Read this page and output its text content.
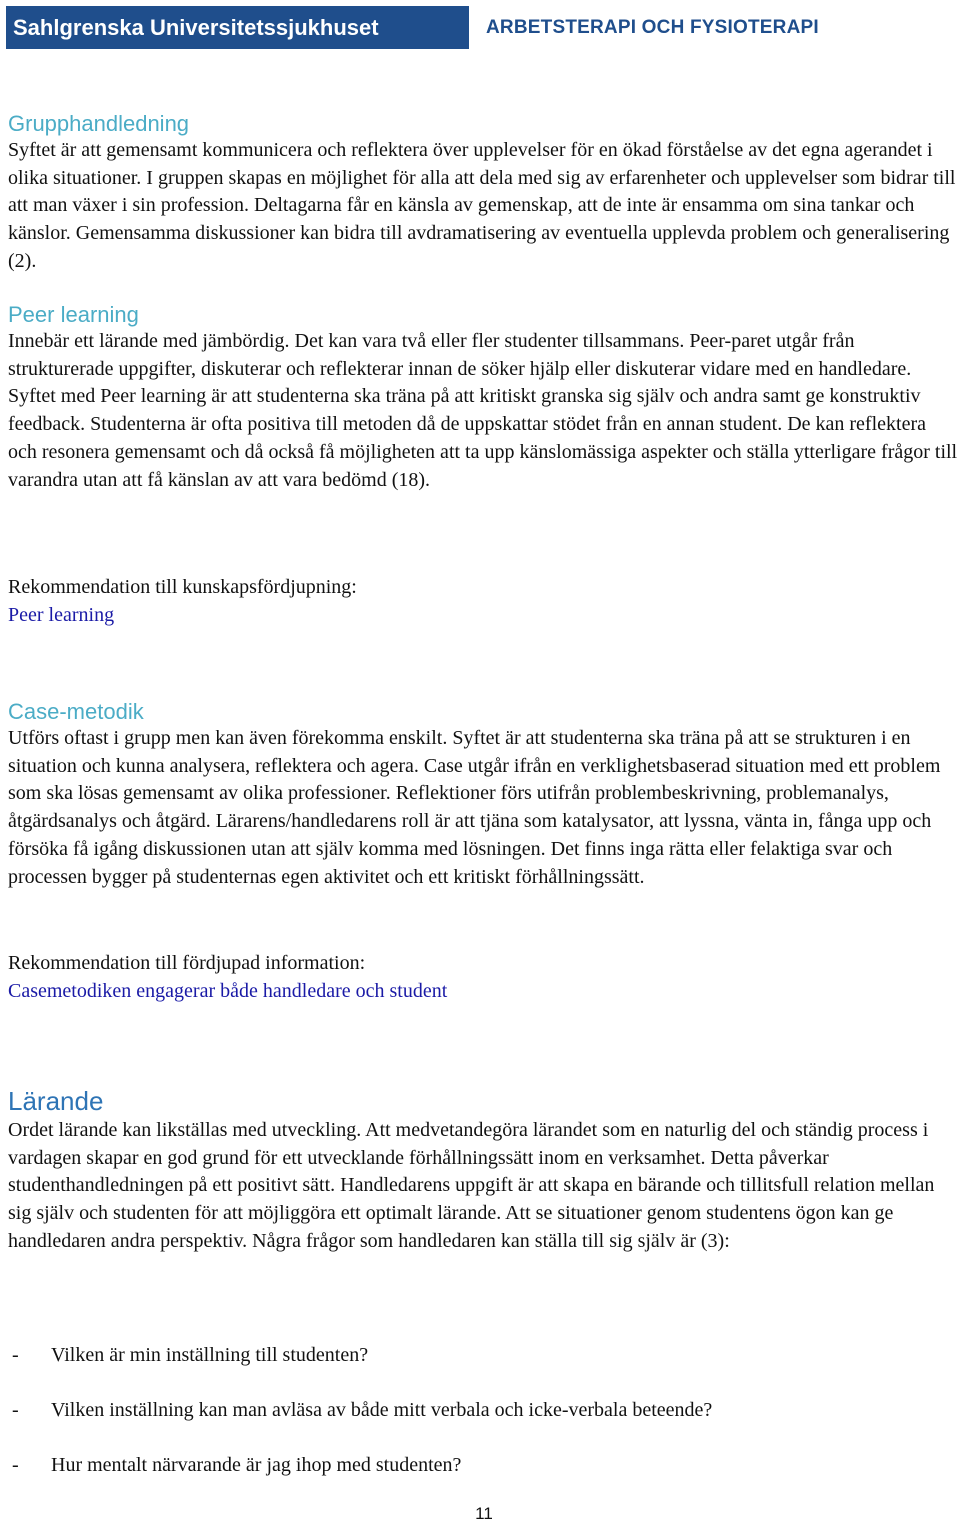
Sahlgrenska Universitetssjukhuset	ARBETSTERAPI OCH FYSIOTERAPI
Grupphandledning

Syftet är att gemensamt kommunicera och reflektera över upplevelser för en ökad förståelse av det egna agerandet i olika situationer. I gruppen skapas en möjlighet för alla att dela med sig av erfarenheter och upplevelser som bidrar till att man växer i sin profession. Deltagarna får en känsla av gemenskap, att de inte är ensamma om sina tankar och känslor. Gemensamma diskussioner kan bidra till avdramatisering av eventuella upplevda problem och generalisering (2).

Peer learning

Innebär ett lärande med jämbördig. Det kan vara två eller fler studenter tillsammans. Peer-paret utgår från strukturerade uppgifter, diskuterar och reflekterar innan de söker hjälp eller diskuterar vidare med en handledare. Syftet med Peer learning är att studenterna ska träna på att kritiskt granska sig själv och andra samt ge konstruktiv feedback. Studenterna är ofta positiva till metoden då de uppskattar stödet från en annan student. De kan reflektera och resonera gemensamt och då också få möjligheten att ta upp känslomässiga aspekter och ställa ytterligare frågor till varandra utan att få känslan av att vara bedömd (18).

Rekommendation till kunskapsfördjupning:

Peer learning

Case-metodik

Utförs oftast i grupp men kan även förekomma enskilt. Syftet är att studenterna ska träna på att se strukturen i en situation och kunna analysera, reflektera och agera. Case utgår ifrån en verklighetsbaserad situation med ett problem som ska lösas gemensamt av olika professioner. Reflektioner förs utifrån problembeskrivning, problemanalys, åtgärdsanalys och åtgärd. Lärarens/handledarens roll är att tjäna som katalysator, att lyssna, vänta in, fånga upp och försöka få igång diskussionen utan att själv komma med lösningen. Det finns inga rätta eller felaktiga svar och processen bygger på studenternas egen aktivitet och ett kritiskt förhållningssätt.

Rekommendation till fördjupad information:

Casemetodiken engagerar både handledare och student

Lärande

Ordet lärande kan likställas med utveckling. Att medvetandegöra lärandet som en naturlig del och ständig process i vardagen skapar en god grund för ett utvecklande förhållningssätt inom en verksamhet. Detta påverkar studenthandledningen på ett positivt sätt. Handledarens uppgift är att skapa en bärande och tillitsfull relation mellan sig själv och studenten för att möjliggöra ett optimalt lärande. Att se situationer genom studentens ögon kan ge handledaren andra perspektiv. Några frågor som handledaren kan ställa till sig själv är (3):

- Vilken är min inställning till studenten?
- Vilken inställning kan man avläsa av både mitt verbala och icke-verbala beteende?
- Hur mentalt närvarande är jag ihop med studenten?
11
